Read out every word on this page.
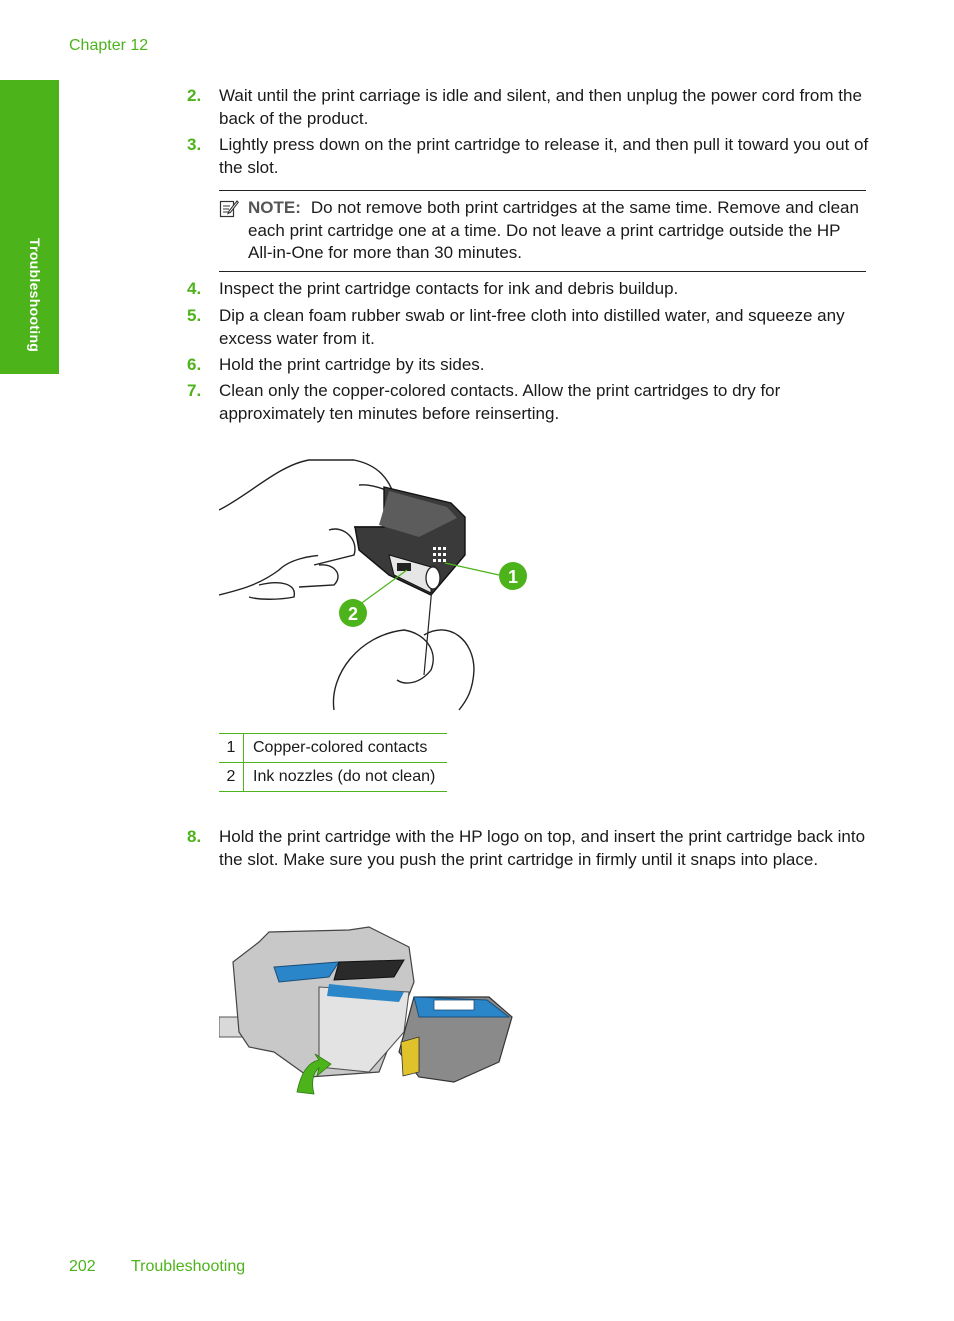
Chapter 12
Troubleshooting
2.	Wait until the print carriage is idle and silent, and then unplug the power cord from the back of the product.
3.	Lightly press down on the print cartridge to release it, and then pull it toward you out of the slot.
NOTE: Do not remove both print cartridges at the same time. Remove and clean each print cartridge one at a time. Do not leave a print cartridge outside the HP All-in-One for more than 30 minutes.
4.	Inspect the print cartridge contacts for ink and debris buildup.
5.	Dip a clean foam rubber swab or lint-free cloth into distilled water, and squeeze any excess water from it.
6.	Hold the print cartridge by its sides.
7.	Clean only the copper-colored contacts. Allow the print cartridges to dry for approximately ten minutes before reinserting.
1
2
1	Copper-colored contacts
2	Ink nozzles (do not clean)
8.	Hold the print cartridge with the HP logo on top, and insert the print cartridge back into the slot. Make sure you push the print cartridge in firmly until it snaps into place.
202 Troubleshooting
